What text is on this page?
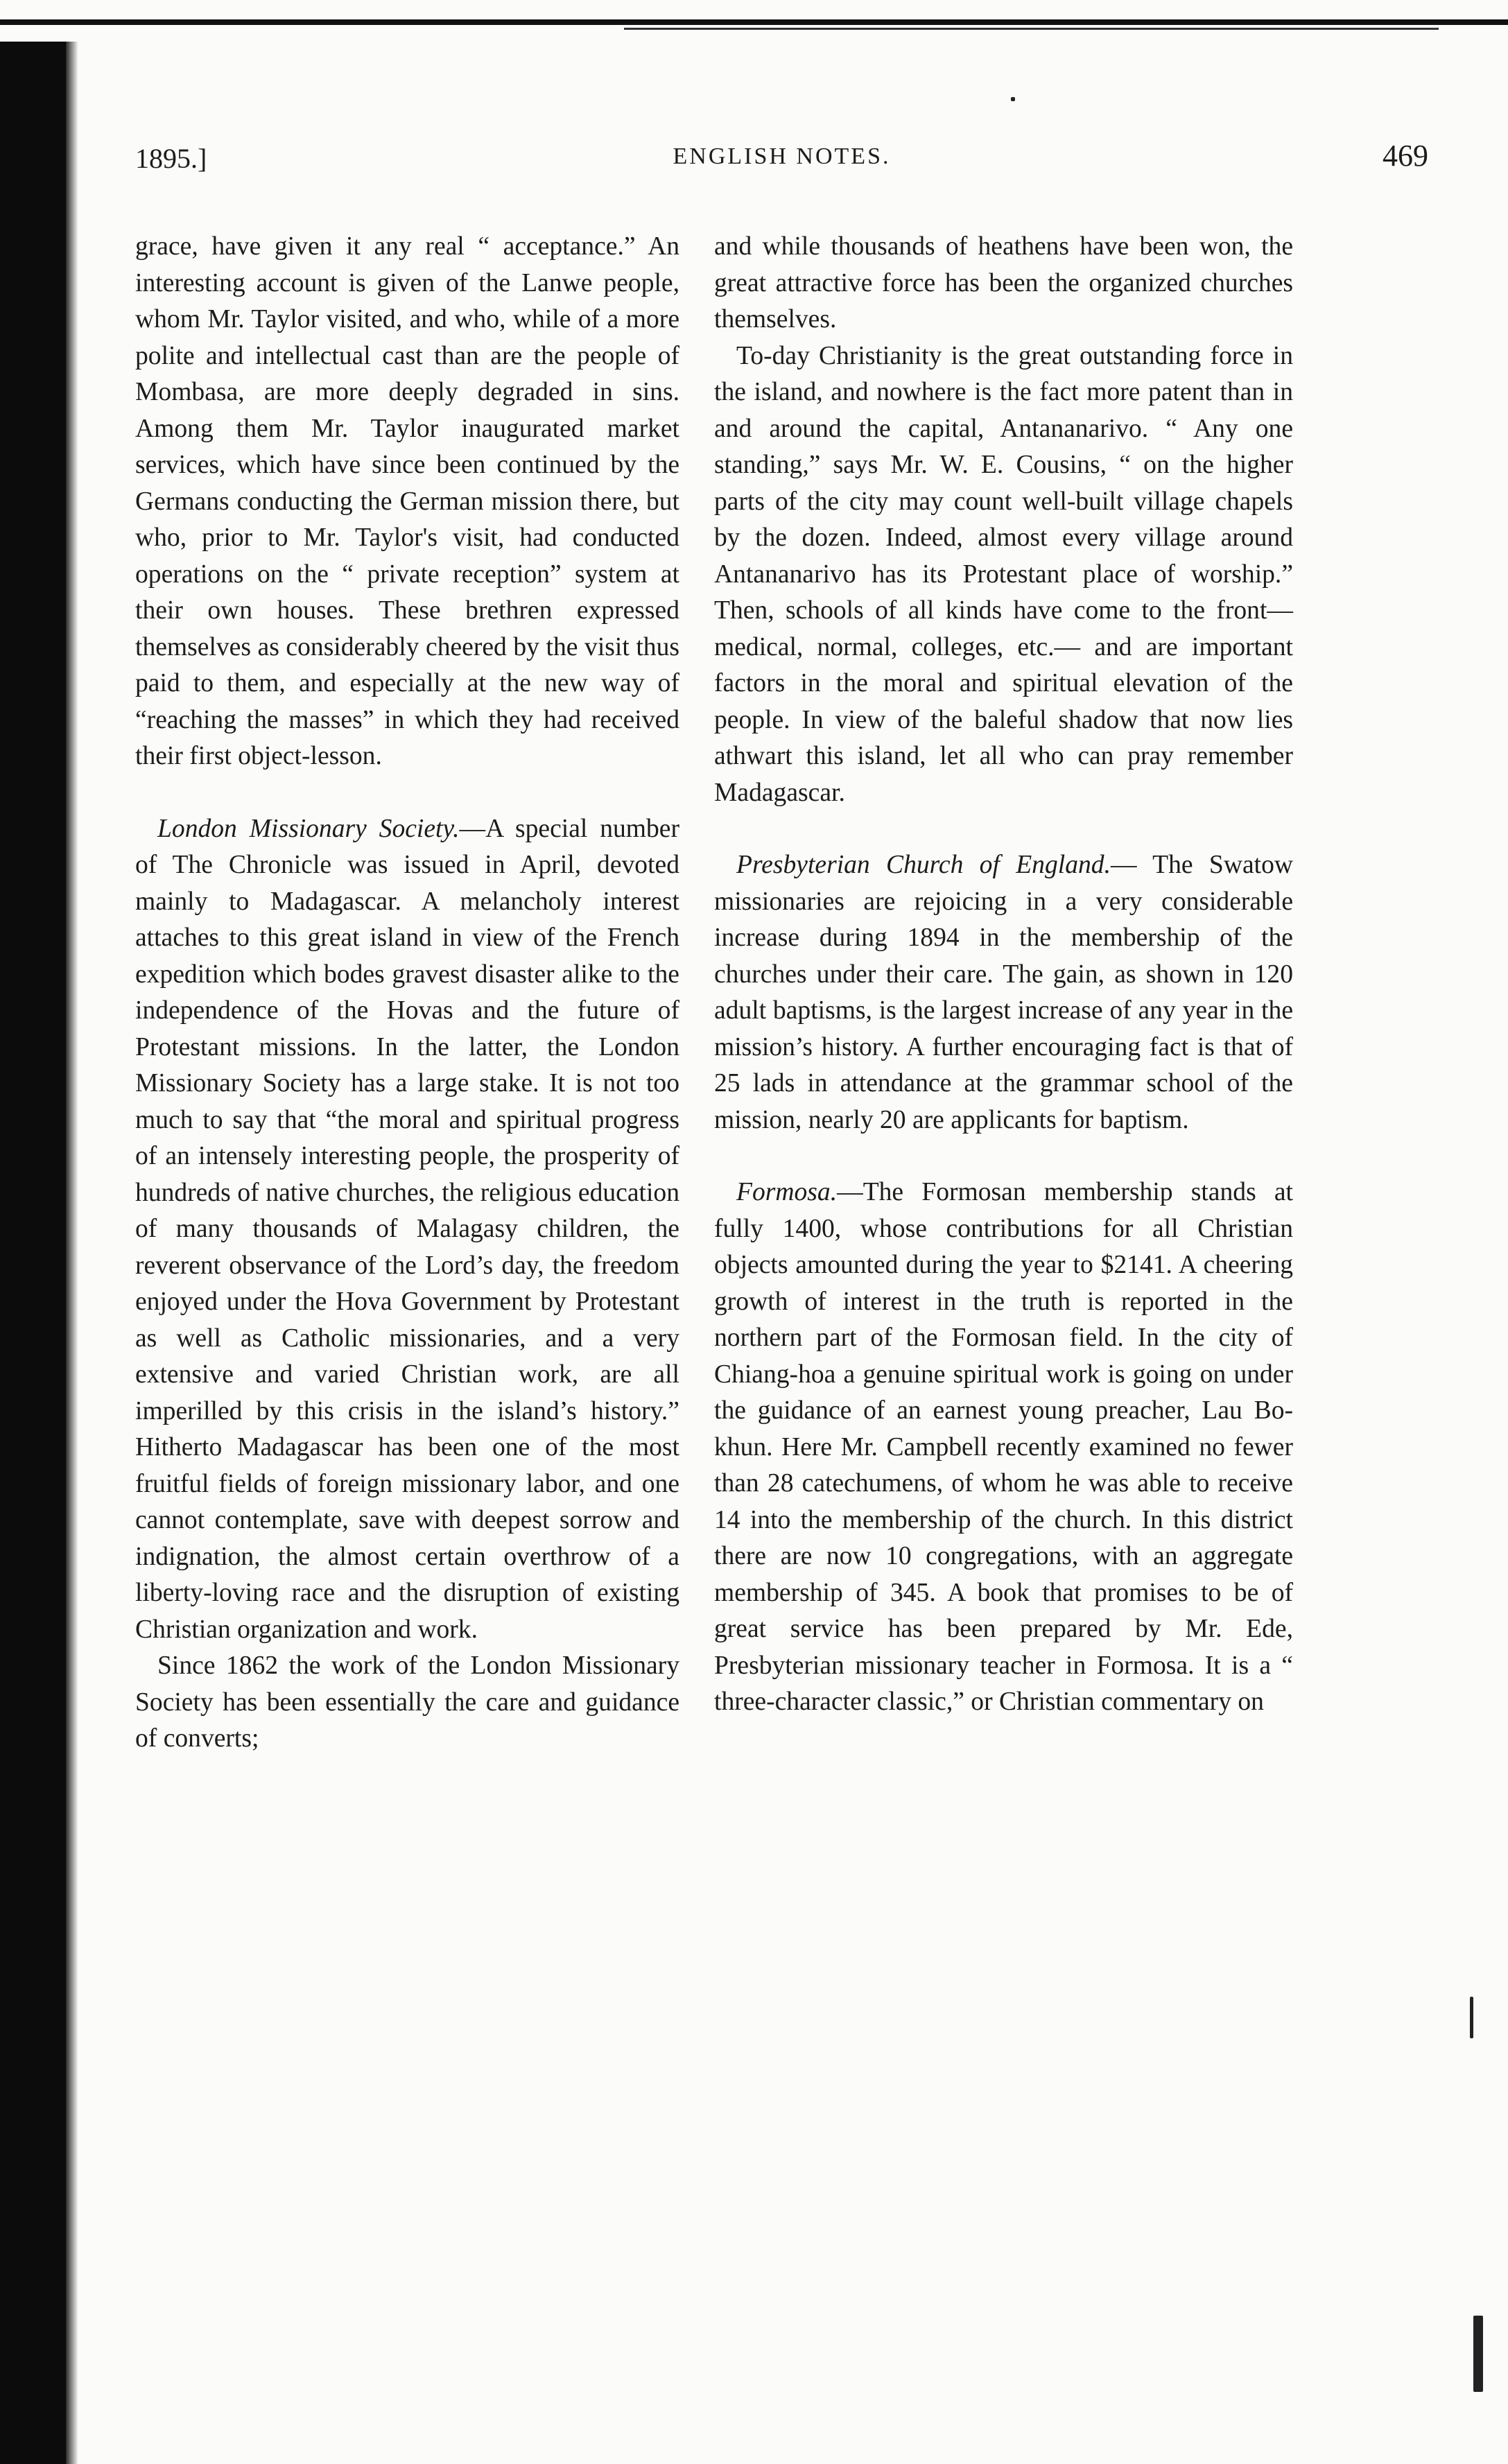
1895.]	ENGLISH NOTES.	469

grace, have given it any real “ acceptance.” An interesting account is given of the Lanwe people, whom Mr. Taylor visited, and who, while of a more polite and intellectual cast than are the people of Mombasa, are more deeply degraded in sins. Among them Mr. Taylor inaugurated market services, which have since been continued by the Germans conducting the German mission there, but who, prior to Mr. Taylor's visit, had conducted operations on the “ private reception” system at their own houses. These brethren expressed themselves as considerably cheered by the visit thus paid to them, and especially at the new way of “reaching the masses” in which they had received their first object-lesson.

London Missionary Society.—A special number of The Chronicle was issued in April, devoted mainly to Madagascar. A melancholy interest attaches to this great island in view of the French expedition which bodes gravest disaster alike to the independence of the Hovas and the future of Protestant missions. In the latter, the London Missionary Society has a large stake. It is not too much to say that “the moral and spiritual progress of an intensely interesting people, the prosperity of hundreds of native churches, the religious education of many thousands of Malagasy children, the reverent observance of the Lord’s day, the freedom enjoyed under the Hova Government by Protestant as well as Catholic missionaries, and a very extensive and varied Christian work, are all imperilled by this crisis in the island’s history.” Hitherto Madagascar has been one of the most fruitful fields of foreign missionary labor, and one cannot contemplate, save with deepest sorrow and indignation, the almost certain overthrow of a liberty-loving race and the disruption of existing Christian organization and work.

Since 1862 the work of the London Missionary Society has been essentially the care and guidance of converts;

and while thousands of heathens have been won, the great attractive force has been the organized churches themselves.

To-day Christianity is the great outstanding force in the island, and nowhere is the fact more patent than in and around the capital, Antananarivo. “ Any one standing,” says Mr. W. E. Cousins, “ on the higher parts of the city may count well-built village chapels by the dozen. Indeed, almost every village around Antananarivo has its Protestant place of worship.” Then, schools of all kinds have come to the front—medical, normal, colleges, etc.— and are important factors in the moral and spiritual elevation of the people. In view of the baleful shadow that now lies athwart this island, let all who can pray remember Madagascar.

Presbyterian Church of England.— The Swatow missionaries are rejoicing in a very considerable increase during 1894 in the membership of the churches under their care. The gain, as shown in 120 adult baptisms, is the largest increase of any year in the mission’s history. A further encouraging fact is that of 25 lads in attendance at the grammar school of the mission, nearly 20 are applicants for baptism.

Formosa.—The Formosan membership stands at fully 1400, whose contributions for all Christian objects amounted during the year to $2141. A cheering growth of interest in the truth is reported in the northern part of the Formosan field. In the city of Chiang-hoa a genuine spiritual work is going on under the guidance of an earnest young preacher, Lau Bo-khun. Here Mr. Campbell recently examined no fewer than 28 catechumens, of whom he was able to receive 14 into the membership of the church. In this district there are now 10 congregations, with an aggregate membership of 345. A book that promises to be of great service has been prepared by Mr. Ede, Presbyterian missionary teacher in Formosa. It is a “ three-character classic,” or Christian commentary on
